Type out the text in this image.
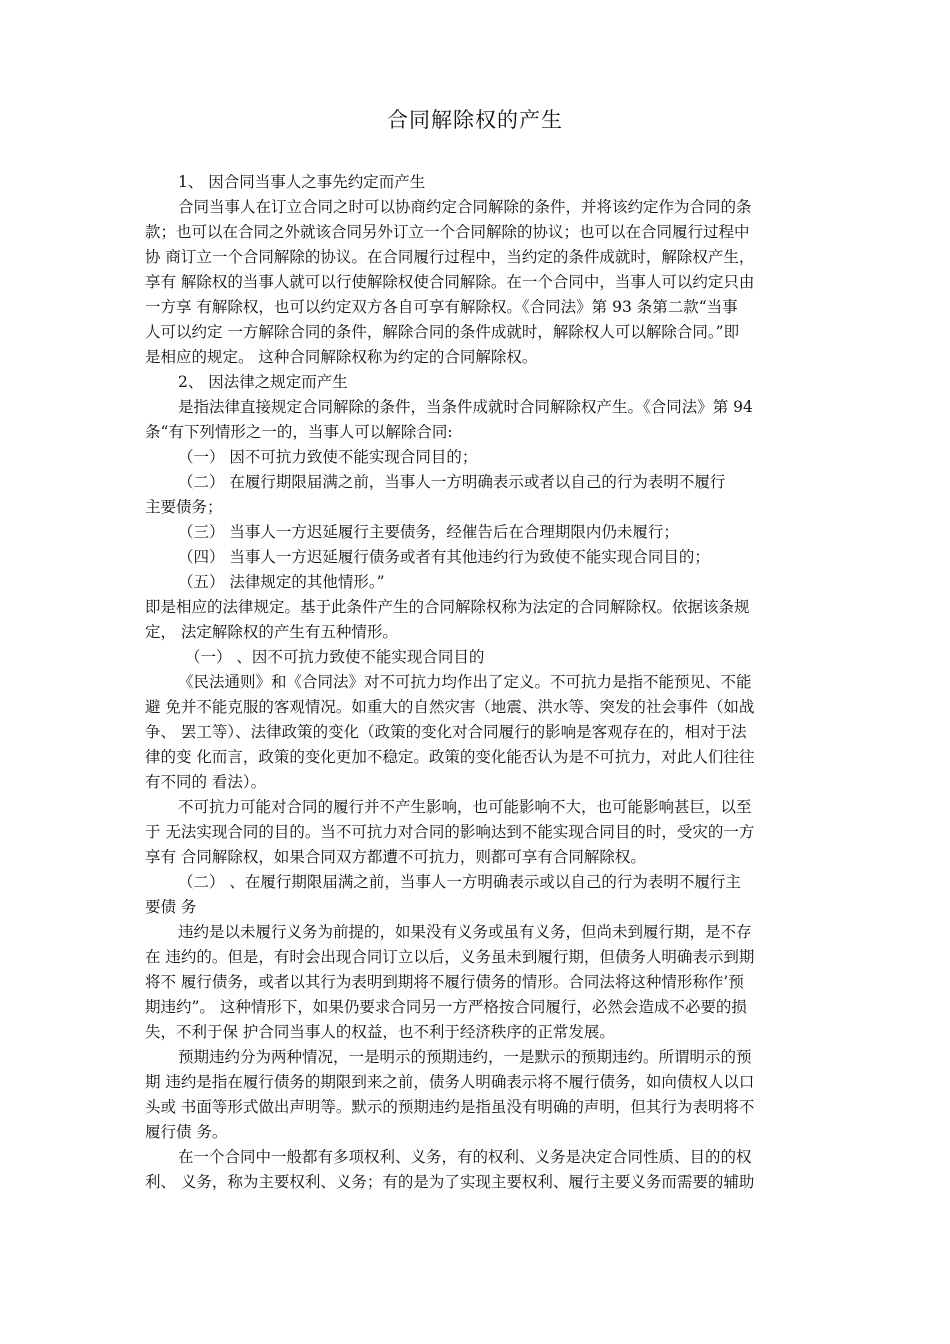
合同解除权的产生
1、 因合同当事人之事先约定而产生
合同当事人在订立合同之时可以协商约定合同解除的条件，并将该约定作为合同的条
款；也可以在合同之外就该合同另外订立一个合同解除的协议；也可以在合同履行过程中
协 商订立一个合同解除的协议。在合同履行过程中，当约定的条件成就时，解除权产生，
享有 解除权的当事人就可以行使解除权使合同解除。在一个合同中，当事人可以约定只由
一方享 有解除权，也可以约定双方各自可享有解除权。《合同法》第 93 条第二款“当事
人可以约定 一方解除合同的条件，解除合同的条件成就时，解除权人可以解除合同。”即
是相应的规定。 这种合同解除权称为约定的合同解除权。
2、 因法律之规定而产生
是指法律直接规定合同解除的条件，当条件成就时合同解除权产生。《合同法》第 94
条“有下列情形之一的，当事人可以解除合同:
（一） 因不可抗力致使不能实现合同目的；
（二） 在履行期限届满之前，当事人一方明确表示或者以自己的行为表明不履行
主要债务；
（三） 当事人一方迟延履行主要债务，经催告后在合理期限内仍未履行；
（四） 当事人一方迟延履行债务或者有其他违约行为致使不能实现合同目的；
（五） 法律规定的其他情形。”
即是相应的法律规定。基于此条件产生的合同解除权称为法定的合同解除权。依据该条规
定， 法定解除权的产生有五种情形。
（一） 、因不可抗力致使不能实现合同目的
《民法通则》和《合同法》对不可抗力均作出了定义。不可抗力是指不能预见、不能
避 免并不能克服的客观情况。如重大的自然灾害（地震、洪水等、突发的社会事件（如战
争、 罢工等）、法律政策的变化（政策的变化对合同履行的影响是客观存在的，相对于法
律的变 化而言，政策的变化更加不稳定。政策的变化能否认为是不可抗力，对此人们往往
有不同的 看法）。
不可抗力可能对合同的履行并不产生影响，也可能影响不大，也可能影响甚巨，以至
于 无法实现合同的目的。当不可抗力对合同的影响达到不能实现合同目的时，受灾的一方
享有 合同解除权，如果合同双方都遭不可抗力，则都可享有合同解除权。
（二） 、在履行期限届满之前，当事人一方明确表示或以自己的行为表明不履行主
要债 务
违约是以未履行义务为前提的，如果没有义务或虽有义务，但尚未到履行期，是不存
在 违约的。但是，有时会出现合同订立以后，义务虽未到履行期，但债务人明确表示到期
将不 履行债务，或者以其行为表明到期将不履行债务的情形。合同法将这种情形称作’预
期违约”。 这种情形下，如果仍要求合同另一方严格按合同履行，必然会造成不必要的损
失，不利于保 护合同当事人的权益，也不利于经济秩序的正常发展。
预期违约分为两种情况，一是明示的预期违约，一是默示的预期违约。所谓明示的预
期 违约是指在履行债务的期限到来之前，债务人明确表示将不履行债务，如向债权人以口
头或 书面等形式做出声明等。默示的预期违约是指虽没有明确的声明，但其行为表明将不
履行债 务。
在一个合同中一般都有多项权利、义务，有的权利、义务是决定合同性质、目的的权
利、 义务，称为主要权利、义务；有的是为了实现主要权利、履行主要义务而需要的辅助
